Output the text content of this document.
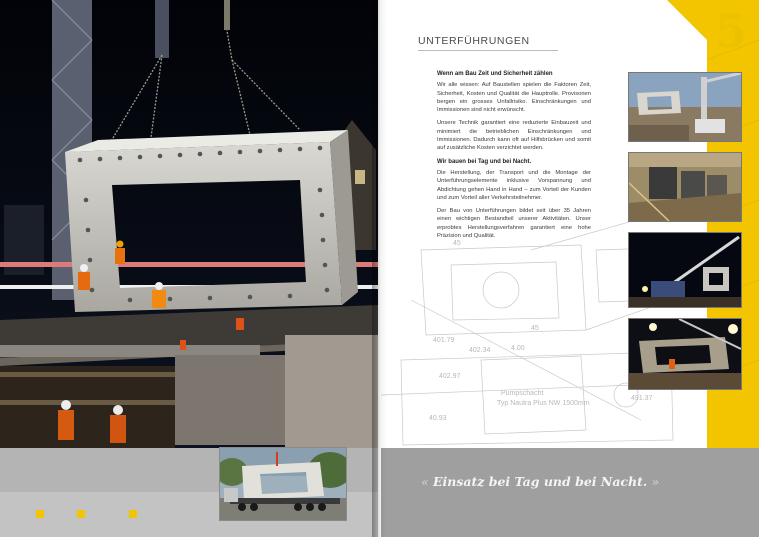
45
4.00
401.79
402.34
45
402.97
40.93
Pumpschacht
Typ Nautra Plus NW 1500mm
491.37
5
UNTERFÜHRUNGEN
Wenn am Bau Zeit und Sicherheit zählen

Wir alle wissen: Auf Baustellen spielen die Faktoren Zeit, Sicherheit, Kosten und Qualität die Hauptrolle. Provisorien bergen ein grosses Unfallrisiko. Einschränkungen und Immissionen sind nicht erwünscht.

Unsere Technik garantiert eine reduzierte Einbauzeit und minimiert die betrieblichen Einschränkungen und Immissionen. Dadurch kann oft auf Hilfsbrücken und somit auf zusätzliche Kosten verzichtet werden.

Wir bauen bei Tag und bei Nacht.

Die Herstellung, der Transport und die Montage der Unterführungselemente inklusive Vorspannung und Abdichtung gehen Hand in Hand – zum Vorteil der Kunden und zum Vorteil aller Verkehrsteilnehmer.

Der Bau von Unterführungen bildet seit über 35 Jahren einen wichtigen Bestandteil unserer Aktivitäten. Unser erprobtes Herstellungsverfahren garantiert eine hohe Präzision und Qualität.

« Einsatz bei Tag und bei Nacht. »
